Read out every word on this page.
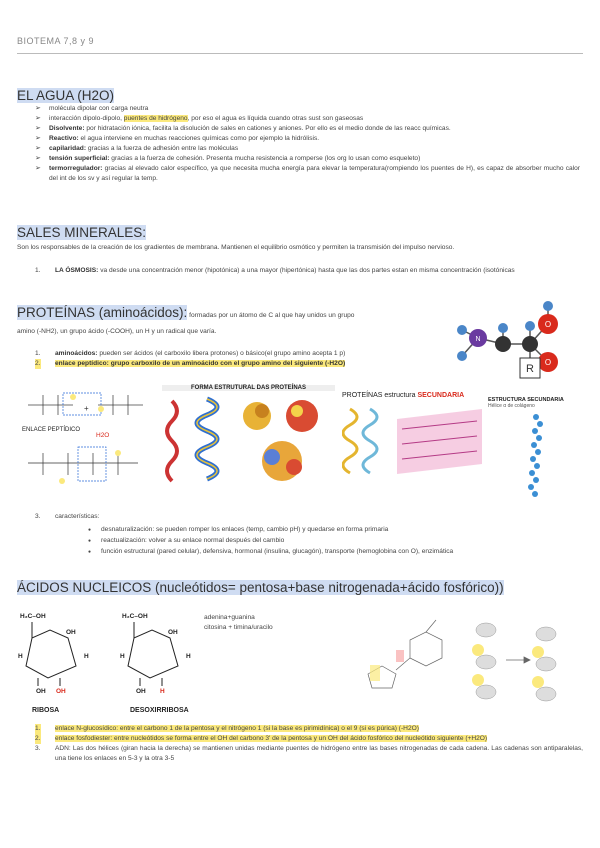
BIOTEMA 7,8 y 9
EL AGUA (H2O)
➢ molécula dipolar con carga neutra
➢ interacción dipolo-dipolo, puentes de hidrógeno, por eso el agua es líquida cuando otras sust son gaseosas
➢ Disolvente: por hidratación iónica, facilita la disolución de sales en cationes y aniones. Por ello es el medio donde de las reacc químicas.
➢ Reactivo: el agua interviene en muchas reacciones químicas como por ejemplo la hidrólisis.
➢ capilaridad: gracias a la fuerza de adhesión entre las moléculas
➢ tensión superficial: gracias a la fuerza de cohesión. Presenta mucha resistencia a romperse (los org lo usan como esqueleto)
➢ termorregulador: gracias al elevado calor específico, ya que necesita mucha energía para elevar la temperatura(rompiendo los puentes de H), es capaz de absorber mucho calor del int de los sv y así regular la temp.
SALES MINERALES:
Son los responsables de la creación de los gradientes de membrana. Mantienen el equilibrio osmótico y permiten la transmisión del impulso nervioso.
1. LA ÓSMOSIS: va desde una concentración menor (hipotónica) a una mayor (hipertónica) hasta que las dos partes estan en misma concentración (isotónicas
PROTEÍNAS (aminoácidos): formadas por un átomo de C al que hay unidos un grupo
amino (-NH2), un grupo ácido (-COOH), un H y un radical que varía.
1. aminoácidos: pueden ser ácidos (el carboxilo libera protones) o básico(el grupo amino acepta 1 p)
2. enlace peptídico: grupo carboxilo de un aminoácido con el grupo amino del siguiente (-H2O)	R
N
O
O
+
ENLACE PEPTÍDICO
H2O
FORMA ESTRUTURAL DAS PROTEÍNAS
PROTEÍNAS estructura SECUNDARIA
ESTRUCTURA SECUNDARIA
Hélice α de colágeno
3. características:
● desnaturalización: se pueden romper los enlaces (temp, cambio pH) y quedarse en forma primaria
● reactualización: volver a su enlace normal después del cambio
● función estructural (pared celular), defensiva, hormonal (insulina, glucagón), transporte (hemoglobina con O), enzimática
ÁCIDOS NUCLEICOS (nucleótidos= pentosa+base nitrogenada+ácido fosfórico))
H₂C–OH
OH
H	H
OH OH
H₂C–OH
OH
H	H
OH H
RIBOSA	DESOXIRRIBOSA
adenina+guanina
citosina + timina/uracilo
1. enlace N-glucosídico: entre el carbono 1 de la pentosa y el nitrógeno 1 (si la base es pirimidínica) o el 9 (si es púrica) (-H2O)
2. enlace fosfodiester: entre nucleótidos se forma entre el OH del carbono 3' de la pentosa y un OH del ácido fosfórico del nucleótido siguiente (+H2O)
3. ADN: Las dos hélices (giran hacia la derecha) se mantienen unidas mediante puentes de hidrógeno entre las bases nitrogenadas de cada cadena. Las cadenas son antiparalelas, una tiene los enlaces en 5-3 y la otra 3-5
